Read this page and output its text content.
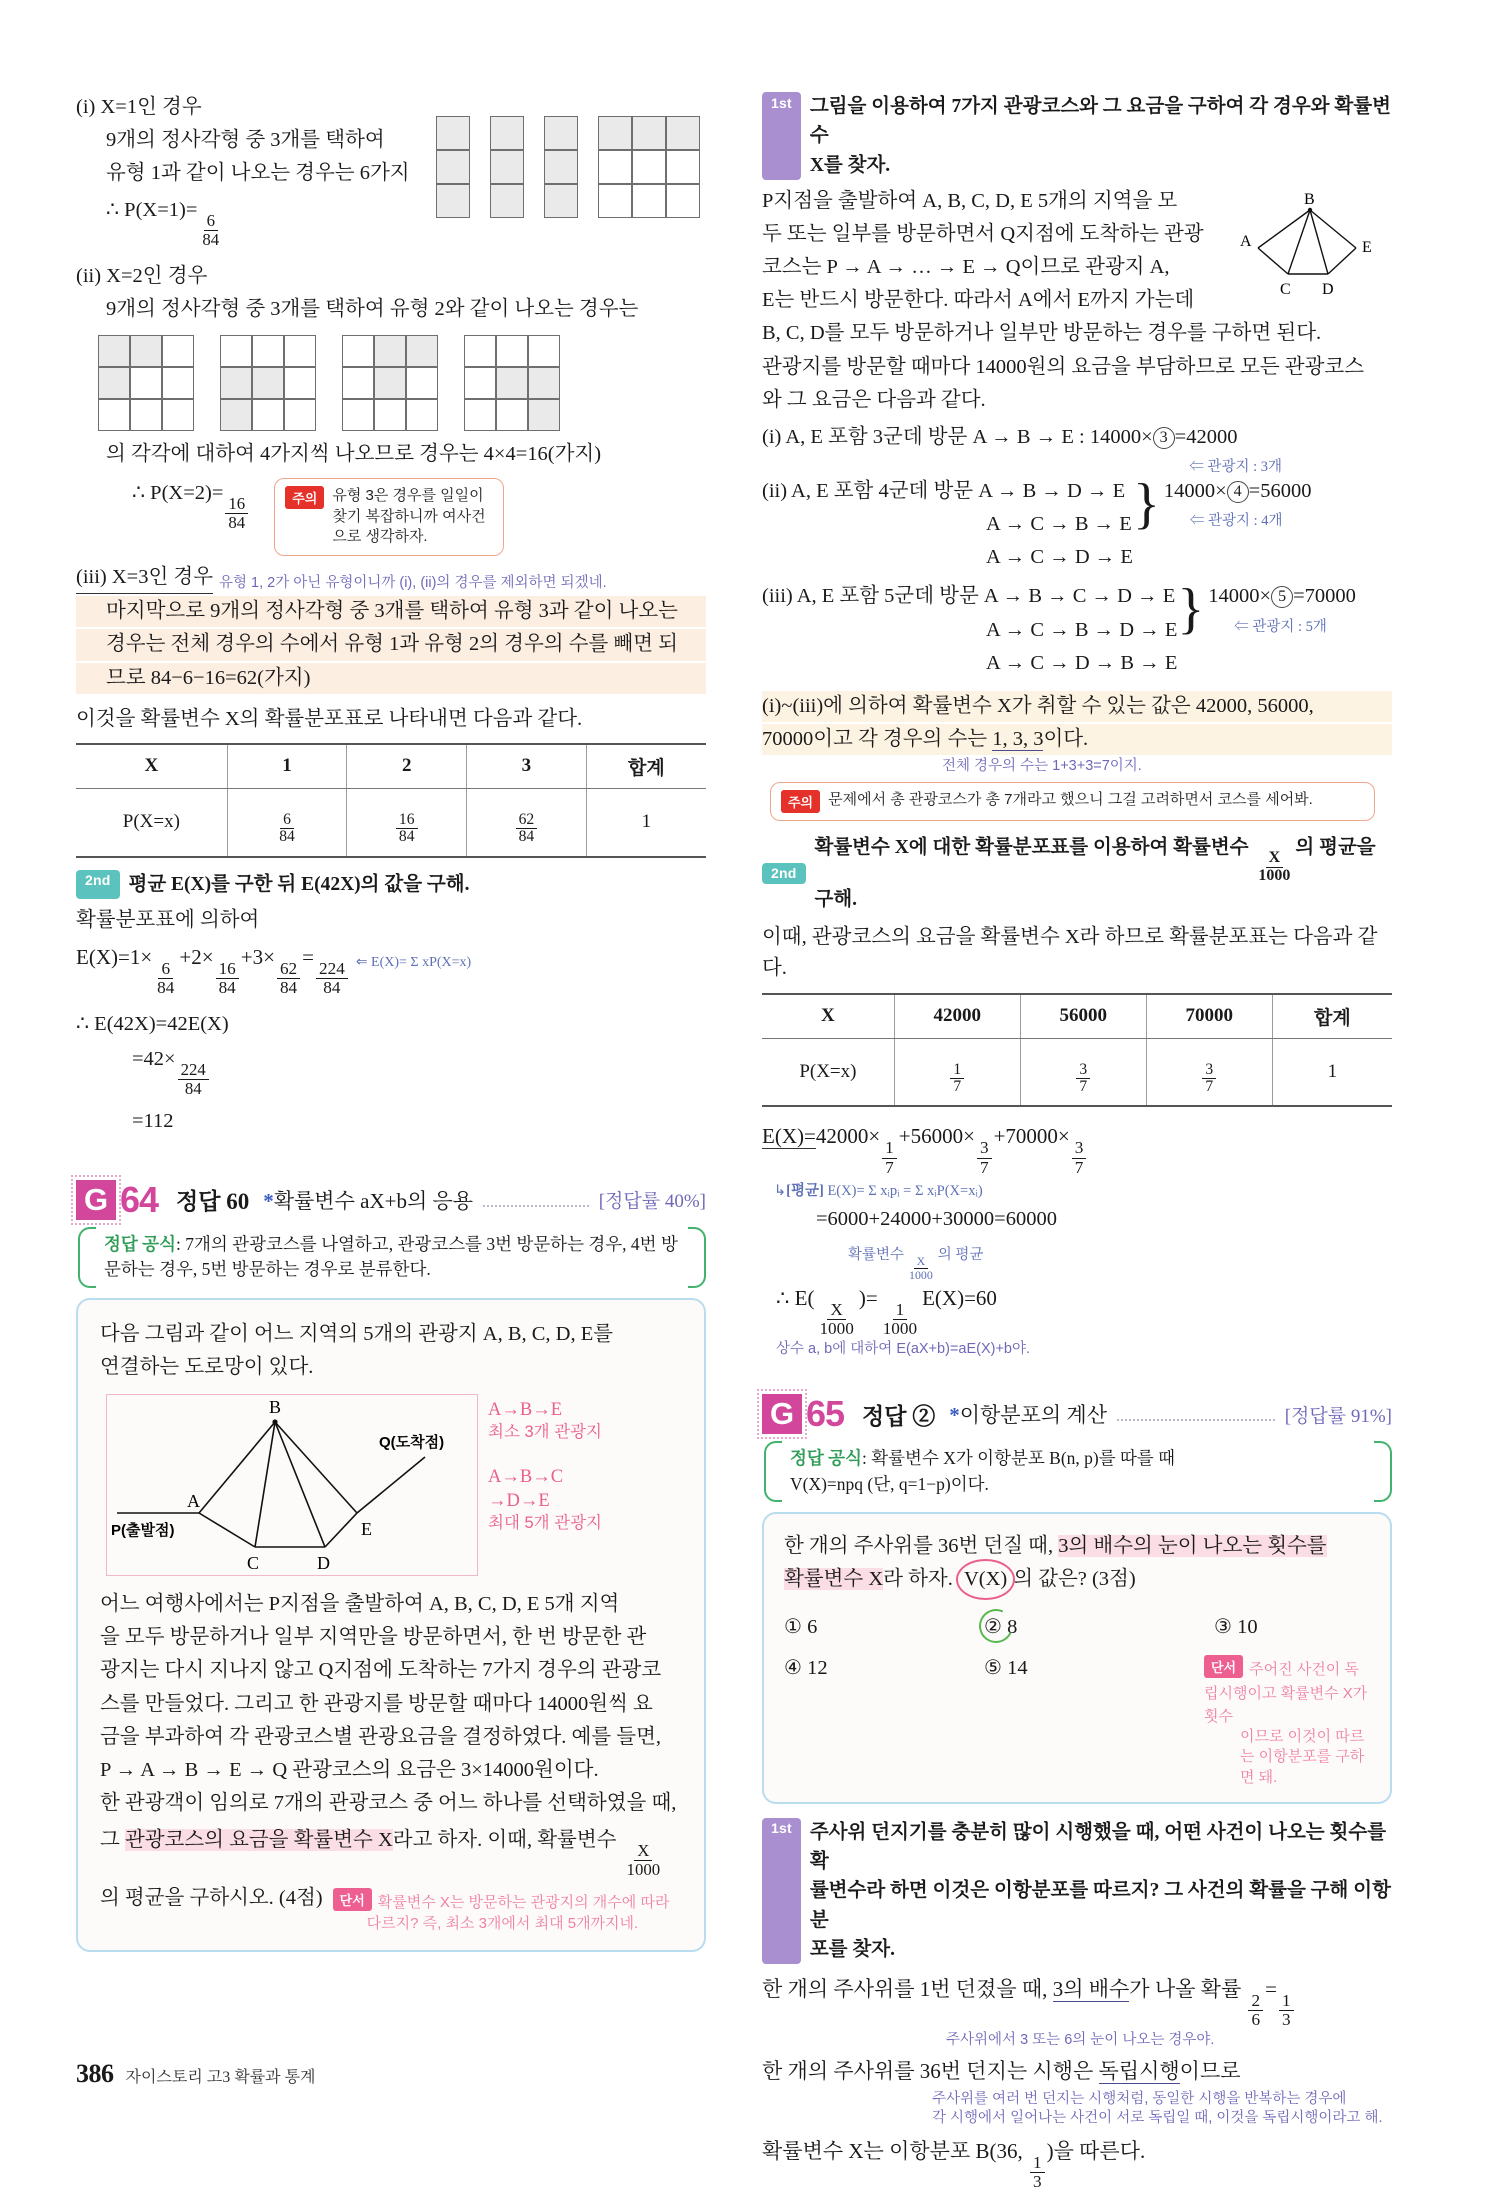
(i) X=1인 경우
9개의 정사각형 중 3개를 택하여
유형 1과 같이 나오는 경우는 6가지
∴ P(X=1)=
$\frac{6}{84}$
(ii) X=2인 경우
9개의 정사각형 중 3개를 택하여 유형 2와 같이 나오는 경우는
의 각각에 대하여 4가지씩 나오므로 경우는 4×4=16(가지)
∴ P(X=2)=
$\frac{16}{84}$	주의	유형 3은 경우를 일일이 찾기 복잡하니까 여사건으로 생각하자.
(iii) X=3인 경우 유형 1, 2가 아닌 유형이니까 (i), (ii)의 경우를 제외하면 되겠네.
마지막으로 9개의 정사각형 중 3개를 택하여 유형 3과 같이 나오는
경우는 전체 경우의 수에서 유형 1과 유형 2의 경우의 수를 빼면 되
므로 84−6−16=62(가지)
이것을 확률변수 X의 확률분포표로 나타내면 다음과 같다.
X	1	2	3	합계
P(X=x)	$\frac{6}{84}$	$\frac{16}{84}$	$\frac{62}{84}$	1
2nd 평균 E(X)를 구한 뒤 E(42X)의 값을 구해.
확률분포표에 의하여
E(X)=1×
$\frac{6}{84}$
+2×
$\frac{16}{84}$
+3×
$\frac{62}{84}$
=
$\frac{224}{84}$ ⇐ E(X)= Σ xP(X=x)
∴ E(42X)=42E(X)
=42×
$\frac{224}{84}$
=112
G 64 정답 60 *확률변수 aX+b의 응용	[정답률 40%]
정답 공식: 7개의 관광코스를 나열하고, 관광코스를 3번 방문하는 경우, 4번 방문하는 경우, 5번 방문하는 경우로 분류한다.
다음 그림과 같이 어느 지역의 5개의 관광지 A, B, C, D, E를
연결하는 도로망이 있다.
B
A
C	D
E
P(출발점)
Q(도착점)
A→B→E
최소 3개 관광지
A→B→C
→D→E
최대 5개 관광지
어느 여행사에서는 P지점을 출발하여 A, B, C, D, E 5개 지역
을 모두 방문하거나 일부 지역만을 방문하면서, 한 번 방문한 관
광지는 다시 지나지 않고 Q지점에 도착하는 7가지 경우의 관광코
스를 만들었다. 그리고 한 관광지를 방문할 때마다 14000원씩 요
금을 부과하여 각 관광코스별 관광요금을 결정하였다. 예를 들면,
P → A → B → E → Q 관광코스의 요금은 3×14000원이다.
한 관광객이 임의로 7개의 관광코스 중 어느 하나를 선택하였을 때,
그 관광코스의 요금을 확률변수 X라고 하자. 이때, 확률변수
$\frac{X}{1000}$
의 평균을 구하시오. (4점)	단서 확률변수 X는 방문하는 관광지의 개수에 따라
다르지? 즉, 최소 3개에서 최대 5개까지네.
1st 그림을 이용하여 7가지 관광코스와 그 요금을 구하여 각 경우와 확률변수
X를 찾자.
P지점을 출발하여 A, B, C, D, E 5개의 지역을 모
두 또는 일부를 방문하면서 Q지점에 도착하는 관광
코스는 P → A → … → E → Q이므로 관광지 A,
E는 반드시 방문한다. 따라서 A에서 E까지 가는데
B
A
C D
E
B, C, D를 모두 방문하거나 일부만 방문하는 경우를 구하면 된다.
관광지를 방문할 때마다 14000원의 요금을 부담하므로 모든 관광코스
와 그 요금은 다음과 같다.
(i) A, E 포함 3군데 방문 A → B → E : 14000× 3 =42000
⇐ 관광지 : 3개
(ii) A, E 포함 4군데 방문 A → B → D → E
A → C → B → E
A → C → D → E
} 14000× 4 =56000
⇐ 관광지 : 4개
(iii) A, E 포함 5군데 방문 A → B → C → D → E
A → C → B → D → E
A → C → D → B → E
} 14000× 5 =70000
⇐ 관광지 : 5개
(i)~(iii)에 의하여 확률변수 X가 취할 수 있는 값은 42000, 56000,
70000이고 각 경우의 수는 1, 3, 3이다.
전체 경우의 수는 1+3+3=7이지.
주의	문제에서 총 관광코스가 총 7개라고 했으니 그걸 고려하면서 코스를 세어봐.
2nd
확률변수 X에 대한 확률분포표를 이용하여 확률변수
$\frac{X}{1000}$
의 평균을 구해.
이때, 관광코스의 요금을 확률변수 X라 하므로 확률분포표는 다음과 같다.
X	42000	56000	70000	합계
P(X=x)	$\frac{1}{7}$	$\frac{3}{7}$	$\frac{3}{7}$	1
E(X)=42000×
$\frac{1}{7}$
+56000×
$\frac{3}{7}$
+70000×
$\frac{3}{7}$
↳[평균] E(X)= Σ xᵢpᵢ = Σ xᵢP(X=xᵢ)
=6000+24000+30000=60000
확률변수
$\frac{X}{1000}$
의 평균
∴ E(
$\frac{X}{1000}$
)=
$\frac{1}{1000}$
E(X)=60
상수 a, b에 대하여 E(aX+b)=aE(X)+b야.
G 65 정답 ② *이항분포의 계산	[정답률 91%]
정답 공식: 확률변수 X가 이항분포 B(n, p)를 따를 때
V(X)=npq (단, q=1−p)이다.
한 개의 주사위를 36번 던질 때, 3의 배수의 눈이 나오는 횟수를
확률변수 X라 하자. V(X) 의 값은? (3점)
① 6	② 8	③ 10
④ 12	⑤ 14	단서 주어진 사건이 독립시행이고 확률변수 X가 횟수
이므로 이것이 따르는 이항분포를 구하면 돼.
1st 주사위 던지기를 충분히 많이 시행했을 때, 어떤 사건이 나오는 횟수를 확
률변수라 하면 이것은 이항분포를 따르지? 그 사건의 확률을 구해 이항분
포를 찾자.
한 개의 주사위를 1번 던졌을 때, 3의 배수가 나올 확률
$\frac{2}{6}$
=
$\frac{1}{3}$
주사위에서 3 또는 6의 눈이 나오는 경우야.
한 개의 주사위를 36번 던지는 시행은 독립시행이므로
주사위를 여러 번 던지는 시행처럼, 동일한 시행을 반복하는 경우에
각 시행에서 일어나는 사건이 서로 독립일 때, 이것을 독립시행이라고 해.
확률변수 X는 이항분포 B(36,
$\frac{1}{3}$
)을 따른다.
386 자이스토리 고3 확률과 통계
